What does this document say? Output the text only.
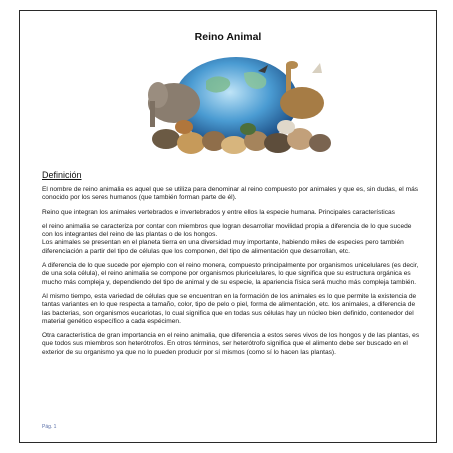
Reino Animal
Definición

El nombre de reino animalia es aquel que se utiliza para denominar al reino compuesto por animales y que es, sin dudas, el más conocido por los seres humanos (que también forman parte de él).

Reino que integran los animales vertebrados e invertebrados y entre ellos la especie humana. Principales características

el reino animalia se caracteriza por contar con miembros que logran desarrollar movilidad propia a diferencia de lo que sucede con los integrantes del reino de las plantas o de los hongos.

Los animales se presentan en el planeta tierra en una diversidad muy importante, habiendo miles de especies pero también diferenciación a partir del tipo de células que los componen, del tipo de alimentación que desarrollan, etc.

A diferencia de lo que sucede por ejemplo con el reino monera, compuesto principalmente por organismos unicelulares (es decir, de una sola célula), el reino animalia se compone por organismos pluricelulares, lo que significa que su estructura orgánica es mucho más compleja y, dependiendo del tipo de animal y de su especie, la apariencia física será mucho más compleja también.

Al mismo tiempo, esta variedad de células que se encuentran en la formación de los animales es lo que permite la existencia de tantas variantes en lo que respecta a tamaño, color, tipo de pelo o piel, forma de alimentación, etc. los animales, a diferencia de las bacterias, son organismos eucariotas, lo cual significa que en todas sus células hay un núcleo bien definido, contenedor del material genético específico a cada espécimen.

Otra característica de gran importancia en el reino animalia, que diferencia a estos seres vivos de los hongos y de las plantas, es que todos sus miembros son heterótrofos. En otros términos, ser heterótrofo significa que el alimento debe ser buscado en el exterior de su organismo ya que no lo pueden producir por sí mismos (como sí lo hacen las plantas).

Pág. 1
